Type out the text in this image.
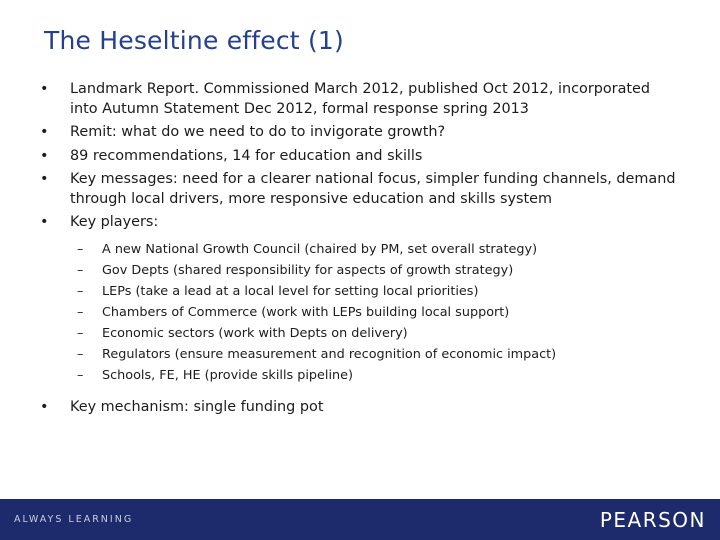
The Heseltine effect (1)
• Landmark Report. Commissioned March 2012, published Oct 2012, incorporated into Autumn Statement Dec 2012, formal response spring 2013
• Remit: what do we need to do to invigorate growth?
• 89 recommendations, 14 for education and skills
• Key messages: need for a clearer national focus, simpler funding channels, demand through local drivers, more responsive education and skills system
• Key players:
– A new National Growth Council (chaired by PM, set overall strategy)
– Gov Depts (shared responsibility for aspects of growth strategy)
– LEPs (take a lead at a local level for setting local priorities)
– Chambers of Commerce (work with LEPs building local support)
– Economic sectors (work with Depts on delivery)
– Regulators (ensure measurement and recognition of economic impact)
– Schools, FE, HE (provide skills pipeline)
• Key mechanism: single funding pot
ALWAYS LEARNING	PEARSON
